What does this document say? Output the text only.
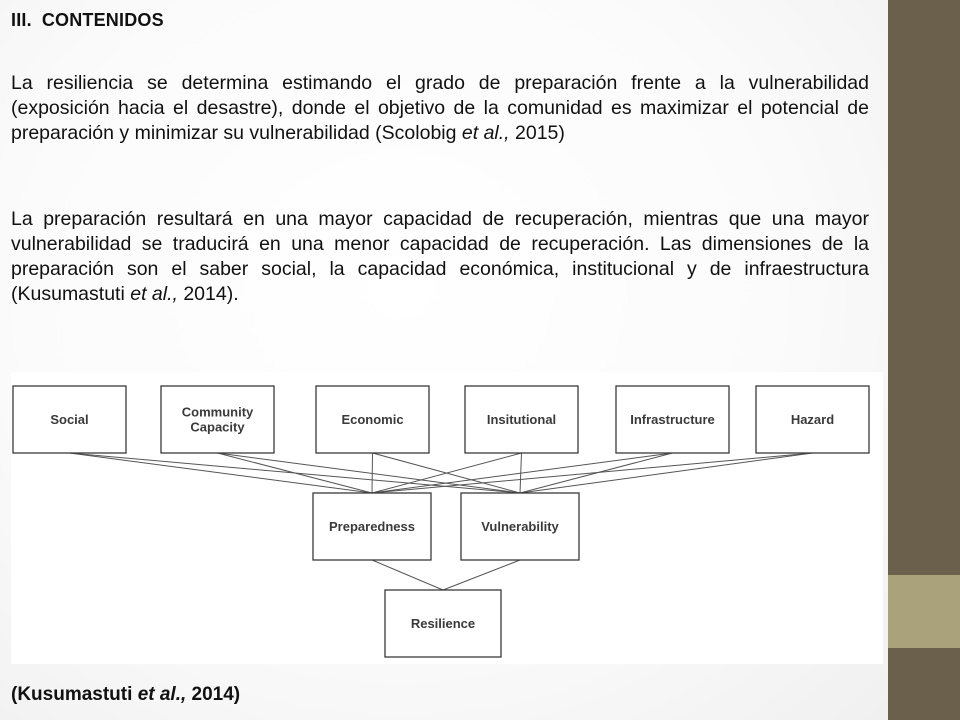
III. CONTENIDOS

La resiliencia se determina estimando el grado de preparación frente a la vulnerabilidad (exposición hacia el desastre), donde el objetivo de la comunidad es maximizar el potencial de preparación y minimizar su vulnerabilidad (Scolobig et al., 2015)

La preparación resultará en una mayor capacidad de recuperación, mientras que una mayor vulnerabilidad se traducirá en una menor capacidad de recuperación. Las dimensiones de la preparación son el saber social, la capacidad económica, institucional y de infraestructura (Kusumastuti et al., 2014).

Social	Community
Capacity	Economic	Insitutional	Infrastructure	Hazard
Preparedness	Vulnerability
Resilience
(Kusumastuti et al., 2014)
